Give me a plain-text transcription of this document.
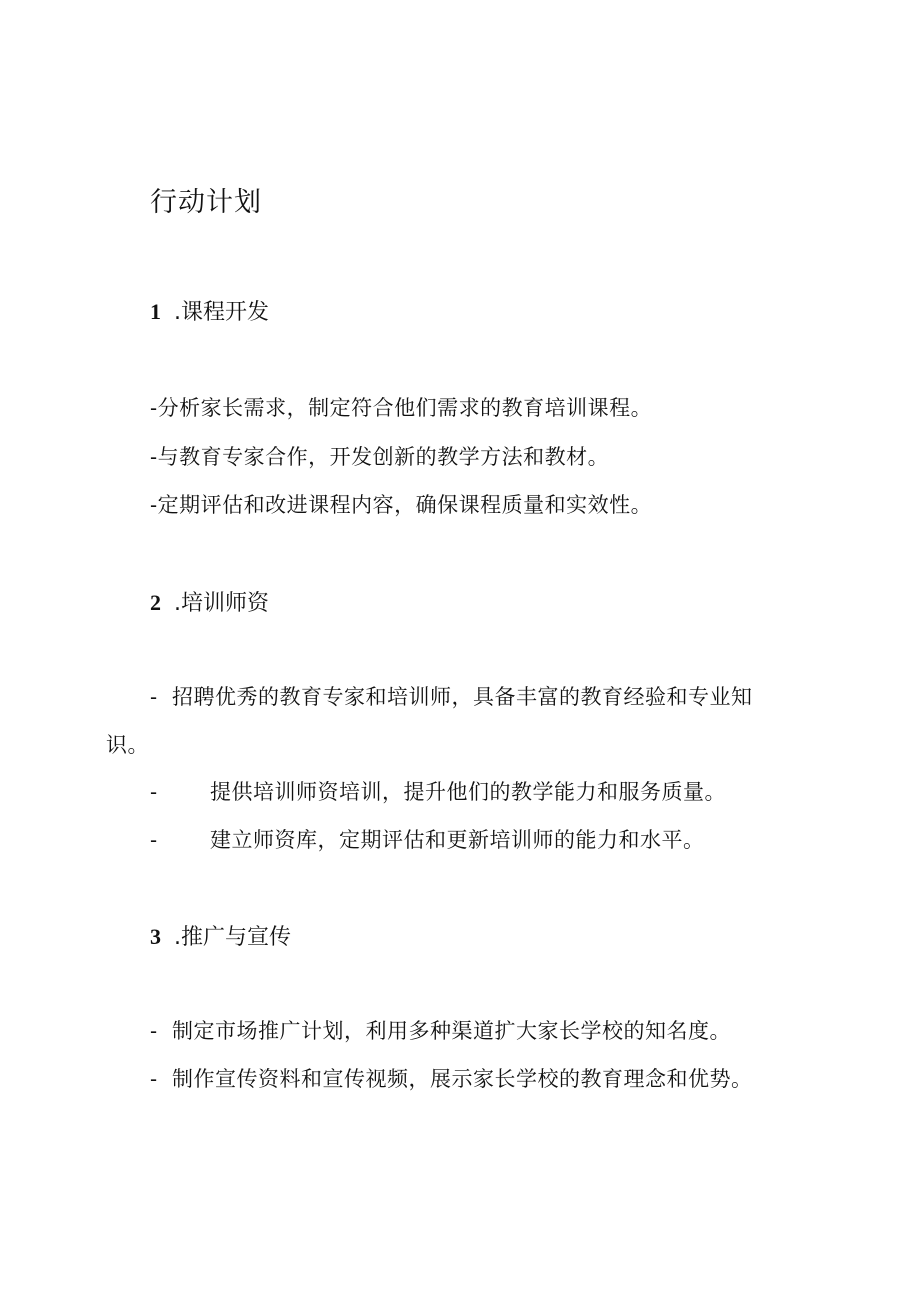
行动计划
1 .课程开发
-分析家长需求，制定符合他们需求的教育培训课程。
-与教育专家合作，开发创新的教学方法和教材。
-定期评估和改进课程内容，确保课程质量和实效性。
2 .培训师资
-招聘优秀的教育专家和培训师，具备丰富的教育经验和专业知
识。
- 提供培训师资培训，提升他们的教学能力和服务质量。
- 建立师资库，定期评估和更新培训师的能力和水平。
3 .推广与宣传
-制定市场推广计划，利用多种渠道扩大家长学校的知名度。
-制作宣传资料和宣传视频，展示家长学校的教育理念和优势。
